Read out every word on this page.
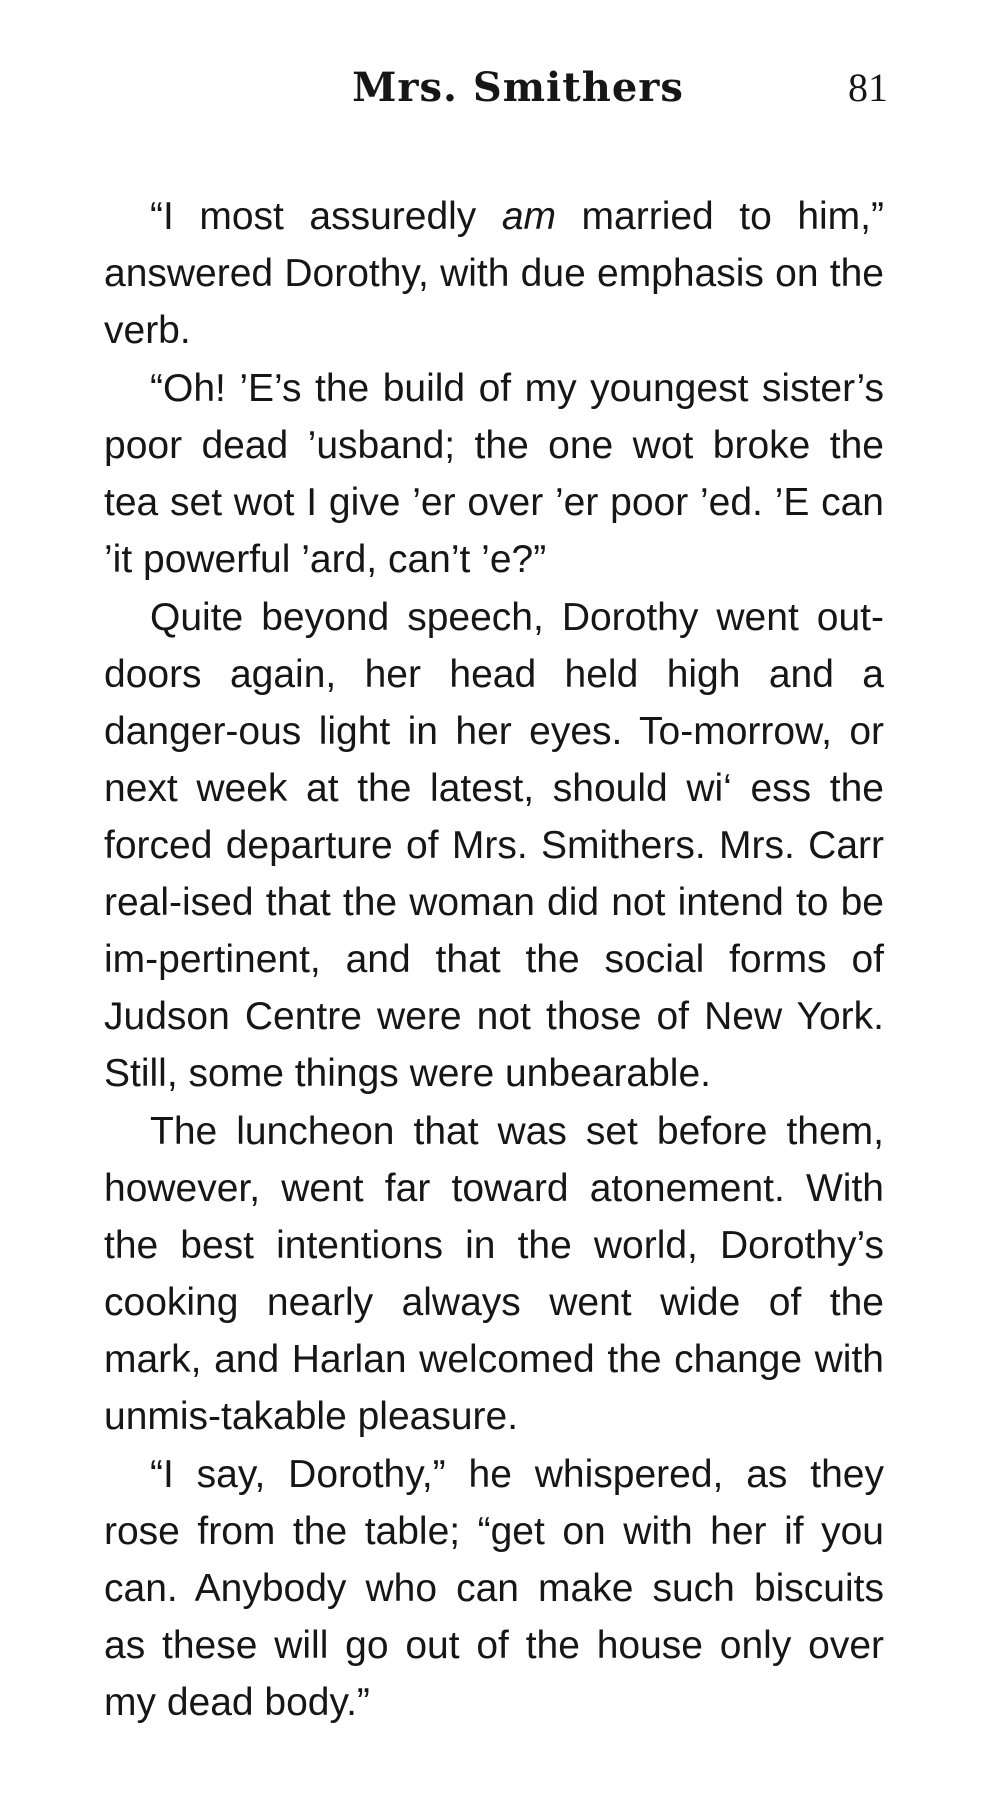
Mrs. Smithers	81

“I most assuredly am married to him,” answered Dorothy, with due emphasis on the verb.

“Oh! ’E’s the build of my youngest sister’s poor dead ’usband; the one wot broke the tea set wot I give ’er over ’er poor ’ed. ’E can ’it powerful ’ard, can’t ’e?”

Quite beyond speech, Dorothy went out-doors again, her head held high and a danger-ous light in her eyes. To-morrow, or next week at the latest, should wi‘ ess the forced departure of Mrs. Smithers. Mrs. Carr real-ised that the woman did not intend to be im-pertinent, and that the social forms of Judson Centre were not those of New York. Still, some things were unbearable.

The luncheon that was set before them, however, went far toward atonement. With the best intentions in the world, Dorothy’s cooking nearly always went wide of the mark, and Harlan welcomed the change with unmis-takable pleasure.

“I say, Dorothy,” he whispered, as they rose from the table; “get on with her if you can. Anybody who can make such biscuits as these will go out of the house only over my dead body.”
